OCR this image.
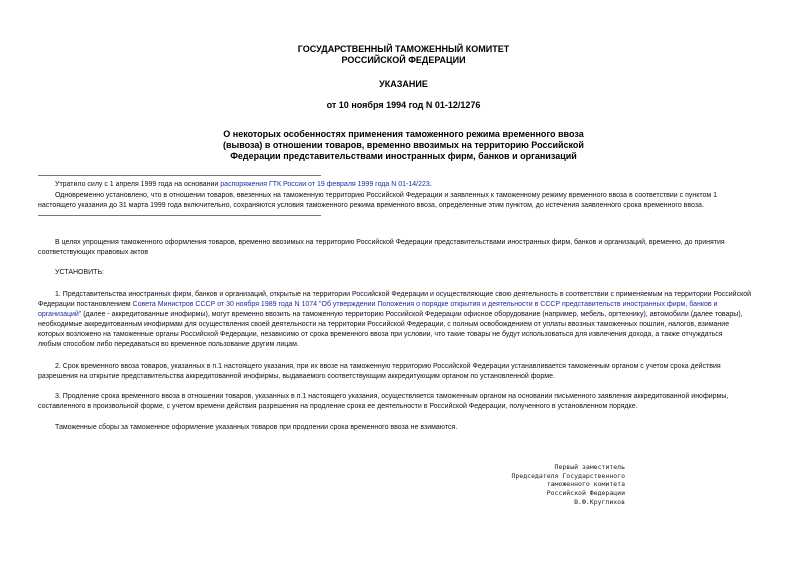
ГОСУДАРСТВЕННЫЙ ТАМОЖЕННЫЙ КОМИТЕТ
РОССИЙСКОЙ ФЕДЕРАЦИИ
УКАЗАНИЕ
от 10 ноября 1994 год N 01-12/1276
О некоторых особенностях применения таможенного режима временного ввоза
(вывоза) в отношении товаров, временно ввозимых на территорию Российской
Федерации представительствами иностранных фирм, банков и организаций
Утратило силу с 1 апреля 1999 года на основании распоряжения ГТК России от 19 февраля 1999 года N 01-14/223.
Одновременно установлено, что в отношении товаров, ввезенных на таможенную территорию Российской Федерации и заявленных к таможенному режиму временного ввоза в соответствии с пунктом 1
настоящего указания до 31 марта 1999 года включительно, сохраняются условия таможенного режима временного ввоза, определенные этим пунктом, до истечения заявленного срока временного ввоза.
В целях упрощения таможенного оформления товаров, временно ввозимых на территорию Российской Федерации представительствами иностранных фирм, банков и организаций, временно, до принятия
соответствующих правовых актов
УСТАНОВИТЬ:
1. Представительства иностранных фирм, банков и организаций, открытые на территории Российской Федерации и осуществляющие свою деятельность в соответствии с применяемым на территории Российской
Федерации постановлением Совета Министров СССР от 30 ноября 1989 года N 1074 "Об утверждении Положения о порядке открытия и деятельности в СССР представительств иностранных фирм, банков и
организаций" (далее - аккредитованные инофирмы), могут временно ввозить на таможенную территорию Российской Федерации офисное оборудование (например, мебель, оргтехнику), автомобили (далее товары),
необходимые аккредитованным инофирмам для осуществления своей деятельности на территории Российской Федерации, с полным освобождением от уплаты ввозных таможенных пошлин, налогов, взимание
которых возложено на таможенные органы Российской Федерации, независимо от срока временного ввоза при условии, что такие товары не будут использоваться для извлечения дохода, а также отчуждаться
любым способом либо передаваться во временное пользование другим лицам.
2. Срок временного ввоза товаров, указанных в п.1 настоящего указания, при их ввозе на таможенную территорию Российской Федерации устанавливается таможенным органом с учетом срока действия
разрешения на открытие представительства аккредитованной инофирмы, выдаваемого соответствующим аккредитующим органом по установленной форме.
3. Продление срока временного ввоза в отношении товаров, указанных в п.1 настоящего указания, осуществляется таможенным органом на основании письменного заявления аккредитованной инофирмы,
составленного в произвольной форме, с учетом времени действия разрешения на продление срока ее деятельности в Российской Федерации, полученного в установленном порядке.
Таможенные сборы за таможенное оформление указанных товаров при продлении срока временного ввоза не взимаются.
Первый заместитель
Председателя Государственного
таможенного комитета
Российской Федерации
В.Ф.Круглихов
